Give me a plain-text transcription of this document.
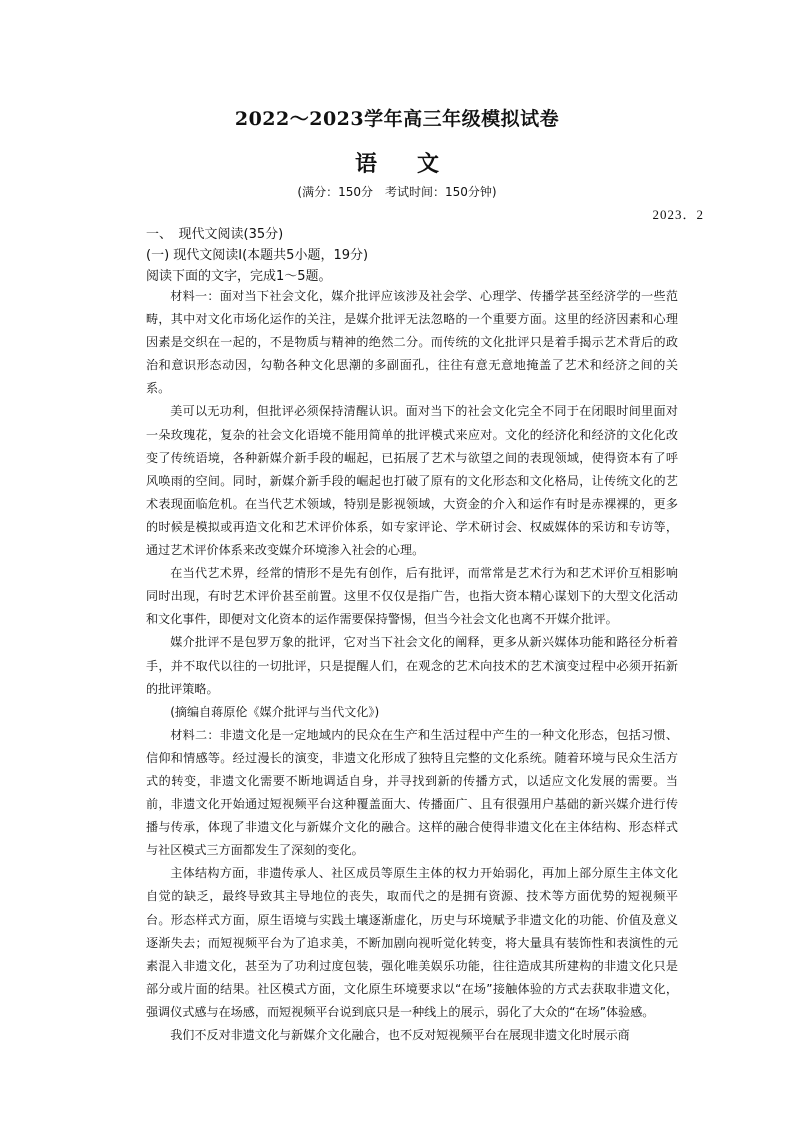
2022～2023学年高三年级模拟试卷
语文
(满分：150分　考试时间：150分钟)
2023．2
一、　现代文阅读(35分)
(一) 现代文阅读Ⅰ(本题共5小题，19分)
阅读下面的文字，完成1～5题。

材料一：面对当下社会文化，媒介批评应该涉及社会学、心理学、传播学甚至经济学的一些范畴，其中对文化市场化运作的关注，是媒介批评无法忽略的一个重要方面。这里的经济因素和心理因素是交织在一起的，不是物质与精神的绝然二分。而传统的文化批评只是着手揭示艺术背后的政治和意识形态动因，勾勒各种文化思潮的多副面孔，往往有意无意地掩盖了艺术和经济之间的关系。

美可以无功利，但批评必须保持清醒认识。面对当下的社会文化完全不同于在闭眼时间里面对一朵玫瑰花，复杂的社会文化语境不能用简单的批评模式来应对。文化的经济化和经济的文化化改变了传统语境，各种新媒介新手段的崛起，已拓展了艺术与欲望之间的表现领域，使得资本有了呼风唤雨的空间。同时，新媒介新手段的崛起也打破了原有的文化形态和文化格局，让传统文化的艺术表现面临危机。在当代艺术领域，特别是影视领域，大资金的介入和运作有时是赤裸裸的，更多的时候是模拟或再造文化和艺术评价体系，如专家评论、学术研讨会、权威媒体的采访和专访等，通过艺术评价体系来改变媒介环境渗入社会的心理。

在当代艺术界，经常的情形不是先有创作，后有批评，而常常是艺术行为和艺术评价互相影响同时出现，有时艺术评价甚至前置。这里不仅仅是指广告，也指大资本精心谋划下的大型文化活动和文化事件，即便对文化资本的运作需要保持警惕，但当今社会文化也离不开媒介批评。

媒介批评不是包罗万象的批评，它对当下社会文化的阐释，更多从新兴媒体功能和路径分析着手，并不取代以往的一切批评，只是提醒人们，在观念的艺术向技术的艺术演变过程中必须开拓新的批评策略。

(摘编自蒋原伦《媒介批评与当代文化》)

材料二：非遗文化是一定地域内的民众在生产和生活过程中产生的一种文化形态，包括习惯、信仰和情感等。经过漫长的演变，非遗文化形成了独特且完整的文化系统。随着环境与民众生活方式的转变，非遗文化需要不断地调适自身，并寻找到新的传播方式，以适应文化发展的需要。当前，非遗文化开始通过短视频平台这种覆盖面大、传播面广、且有很强用户基础的新兴媒介进行传播与传承，体现了非遗文化与新媒介文化的融合。这样的融合使得非遗文化在主体结构、形态样式与社区模式三方面都发生了深刻的变化。

主体结构方面，非遗传承人、社区成员等原生主体的权力开始弱化，再加上部分原生主体文化自觉的缺乏，最终导致其主导地位的丧失，取而代之的是拥有资源、技术等方面优势的短视频平台。形态样式方面，原生语境与实践土壤逐渐虚化，历史与环境赋予非遗文化的功能、价值及意义逐渐失去；而短视频平台为了追求美，不断加剧向视听觉化转变，将大量具有装饰性和表演性的元素混入非遗文化，甚至为了功利过度包装，强化唯美娱乐功能，往往造成其所建构的非遗文化只是部分或片面的结果。社区模式方面，文化原生环境要求以“在场”接触体验的方式去获取非遗文化，强调仪式感与在场感，而短视频平台说到底只是一种线上的展示，弱化了大众的“在场”体验感。

我们不反对非遗文化与新媒介文化融合，也不反对短视频平台在展现非遗文化时展示商
